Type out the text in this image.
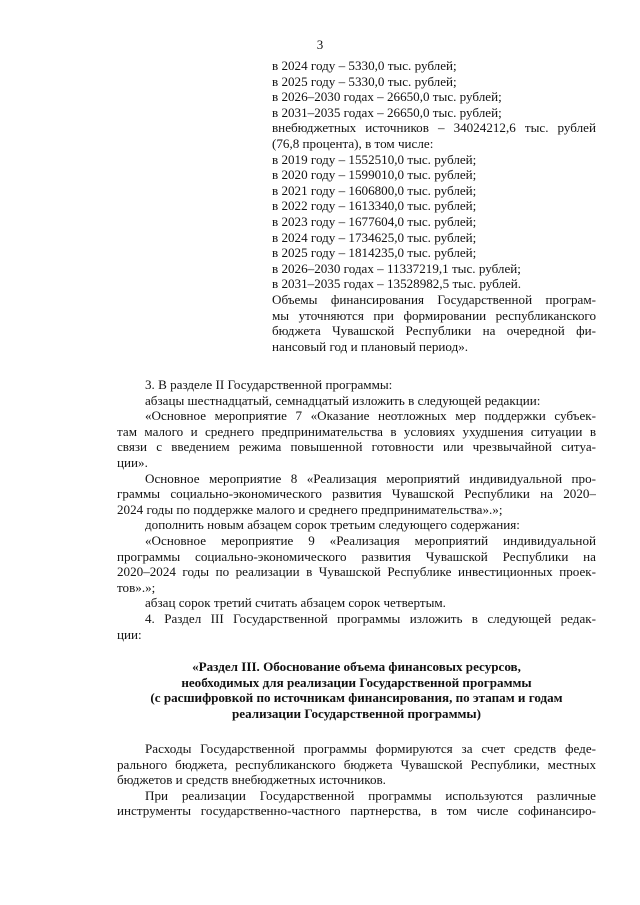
3
в 2024 году – 5330,0 тыс. рублей;
в 2025 году – 5330,0 тыс. рублей;
в 2026–2030 годах – 26650,0 тыс. рублей;
в 2031–2035 годах – 26650,0 тыс. рублей;
внебюджетных источников – 34024212,6 тыс. рублей
(76,8 процента), в том числе:
в 2019 году – 1552510,0 тыс. рублей;
в 2020 году – 1599010,0 тыс. рублей;
в 2021 году – 1606800,0 тыс. рублей;
в 2022 году – 1613340,0 тыс. рублей;
в 2023 году – 1677604,0 тыс. рублей;
в 2024 году – 1734625,0 тыс. рублей;
в 2025 году – 1814235,0 тыс. рублей;
в 2026–2030 годах – 11337219,1 тыс. рублей;
в 2031–2035 годах – 13528982,5 тыс. рублей.
Объемы финансирования Государственной програм-
мы уточняются при формировании республиканского
бюджета Чувашской Республики на очередной фи-
нансовый год и плановый период».
3. В разделе II Государственной программы:
абзацы шестнадцатый, семнадцатый изложить в следующей редакции:
«Основное мероприятие 7 «Оказание неотложных мер поддержки субъек-
там малого и среднего предпринимательства в условиях ухудшения ситуации в
связи с введением режима повышенной готовности или чрезвычайной ситуа-
ции».
Основное мероприятие 8 «Реализация мероприятий индивидуальной про-
граммы социально-экономического развития Чувашской Республики на 2020–
2024 годы по поддержке малого и среднего предпринимательства».»;
дополнить новым абзацем сорок третьим следующего содержания:
«Основное мероприятие 9 «Реализация мероприятий индивидуальной
программы социально-экономического развития Чувашской Республики на
2020–2024 годы по реализации в Чувашской Республике инвестиционных проек-
тов».»;
абзац сорок третий считать абзацем сорок четвертым.
4. Раздел III Государственной программы изложить в следующей редак-
ции:
«Раздел III. Обоснование объема финансовых ресурсов,
необходимых для реализации Государственной программы
(с расшифровкой по источникам финансирования, по этапам и годам
реализации Государственной программы)
Расходы Государственной программы формируются за счет средств феде-
рального бюджета, республиканского бюджета Чувашской Республики, местных
бюджетов и средств внебюджетных источников.
При реализации Государственной программы используются различные
инструменты государственно-частного партнерства, в том числе софинансиро-
